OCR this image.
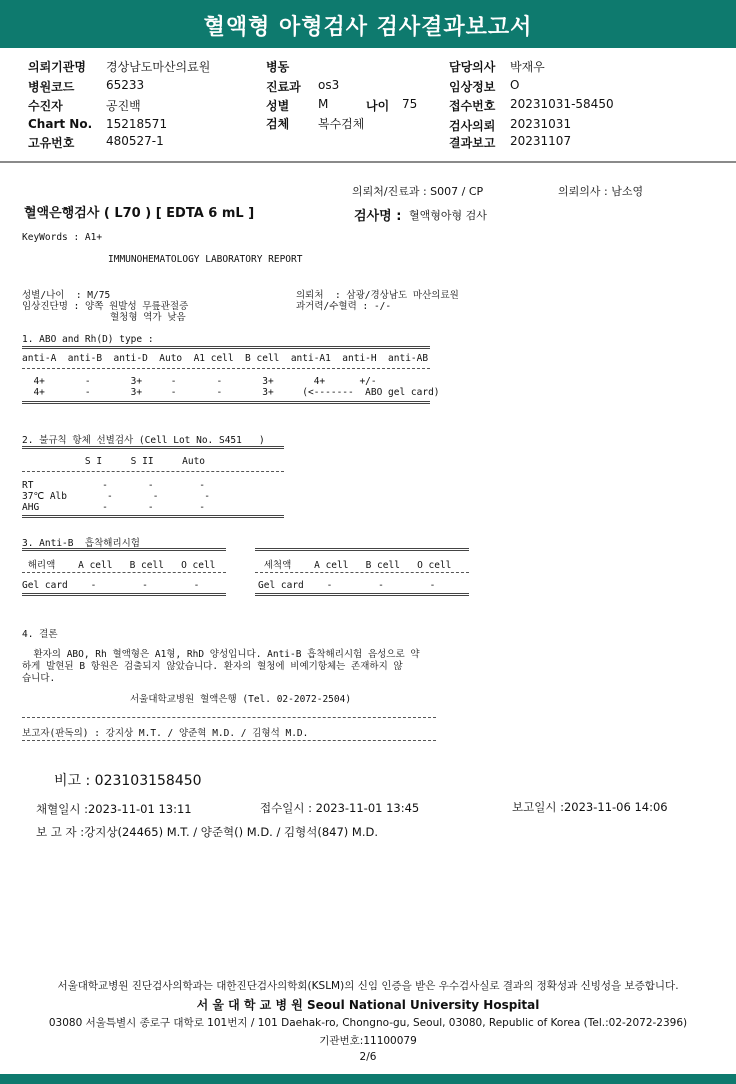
혈액형 아형검사 검사결과보고서
의뢰기관명 경상남도마산의료원
병원코드	65233
수진자	공진백
Chart No. 15218571
고유번호	480527-1
병동
진료과 os3
성별 M
검체 복수검체
나이 75
담당의사 박재우
임상정보 O
접수번호 20231031-58450
검사의뢰 20231031
결과보고 20231107
의뢰처/진료과 : S007 / CP	의뢰의사 : 남소영
혈액은행검사 ( L70 ) [ EDTA 6 mL ]	검사명 : 혈액형아형 검사
KeyWords : A1+
IMMUNOHEMATOLOGY LABORATORY REPORT
성별/나이  : M/75	의뢰처  : 삼광/경상남도 마산의료원
임상진단명 : 양쪽 원발성 무릎관절증	과거력/수혈력 : -/-
혈청형 역가 낮음
1. ABO and Rh(D) type :
anti-A  anti-B  anti-D  Auto  A1 cell  B cell  anti-A1  anti-H  anti-AB
4+       -       3+     -       -       3+       4+      +/-
4+       -       3+     -       -       3+     (<-------  ABO gel card)
2. 불규칙 항체 선별검사 (Cell Lot No. S451   )
S I     S II     Auto
RT            -       -        -
37℃ Alb       -       -        -
AHG           -       -        -
3. Anti-B  흡착해리시험
해리액    A cell   B cell   O cell
Gel card    -        -        -
세척액    A cell   B cell   O cell
Gel card    -        -        -
4. 결론
환자의 ABO, Rh 혈액형은 A1형, RhD 양성입니다. Anti-B 흡착해리시험 음성으로 약
하게 발현된 B 항원은 검출되지 않았습니다. 환자의 혈청에 비예기항체는 존재하지 않
습니다.
서울대학교병원 혈액은행 (Tel. 02-2072-2504)
보고자(판독의) : 강지상 M.T. / 양준혁 M.D. / 김형석 M.D.
비고 : 023103158450
채혈일시 :2023-11-01 13:11	접수일시 : 2023-11-01 13:45	보고일시 :2023-11-06 14:06
보 고 자 :강지상(24465) M.T. / 양준혁() M.D. / 김형석(847) M.D.
서울대학교병원 진단검사의학과는 대한진단검사의학회(KSLM)의 신임 인증을 받은 우수검사실로 결과의 정확성과 신빙성을 보증합니다.
서 울 대 학 교 병 원 Seoul National University Hospital
03080 서울특별시 종로구 대학로 101번지 / 101 Daehak-ro, Chongno-gu, Seoul, 03080, Republic of Korea (Tel.:02-2072-2396)
기관번호:11100079
2/6
